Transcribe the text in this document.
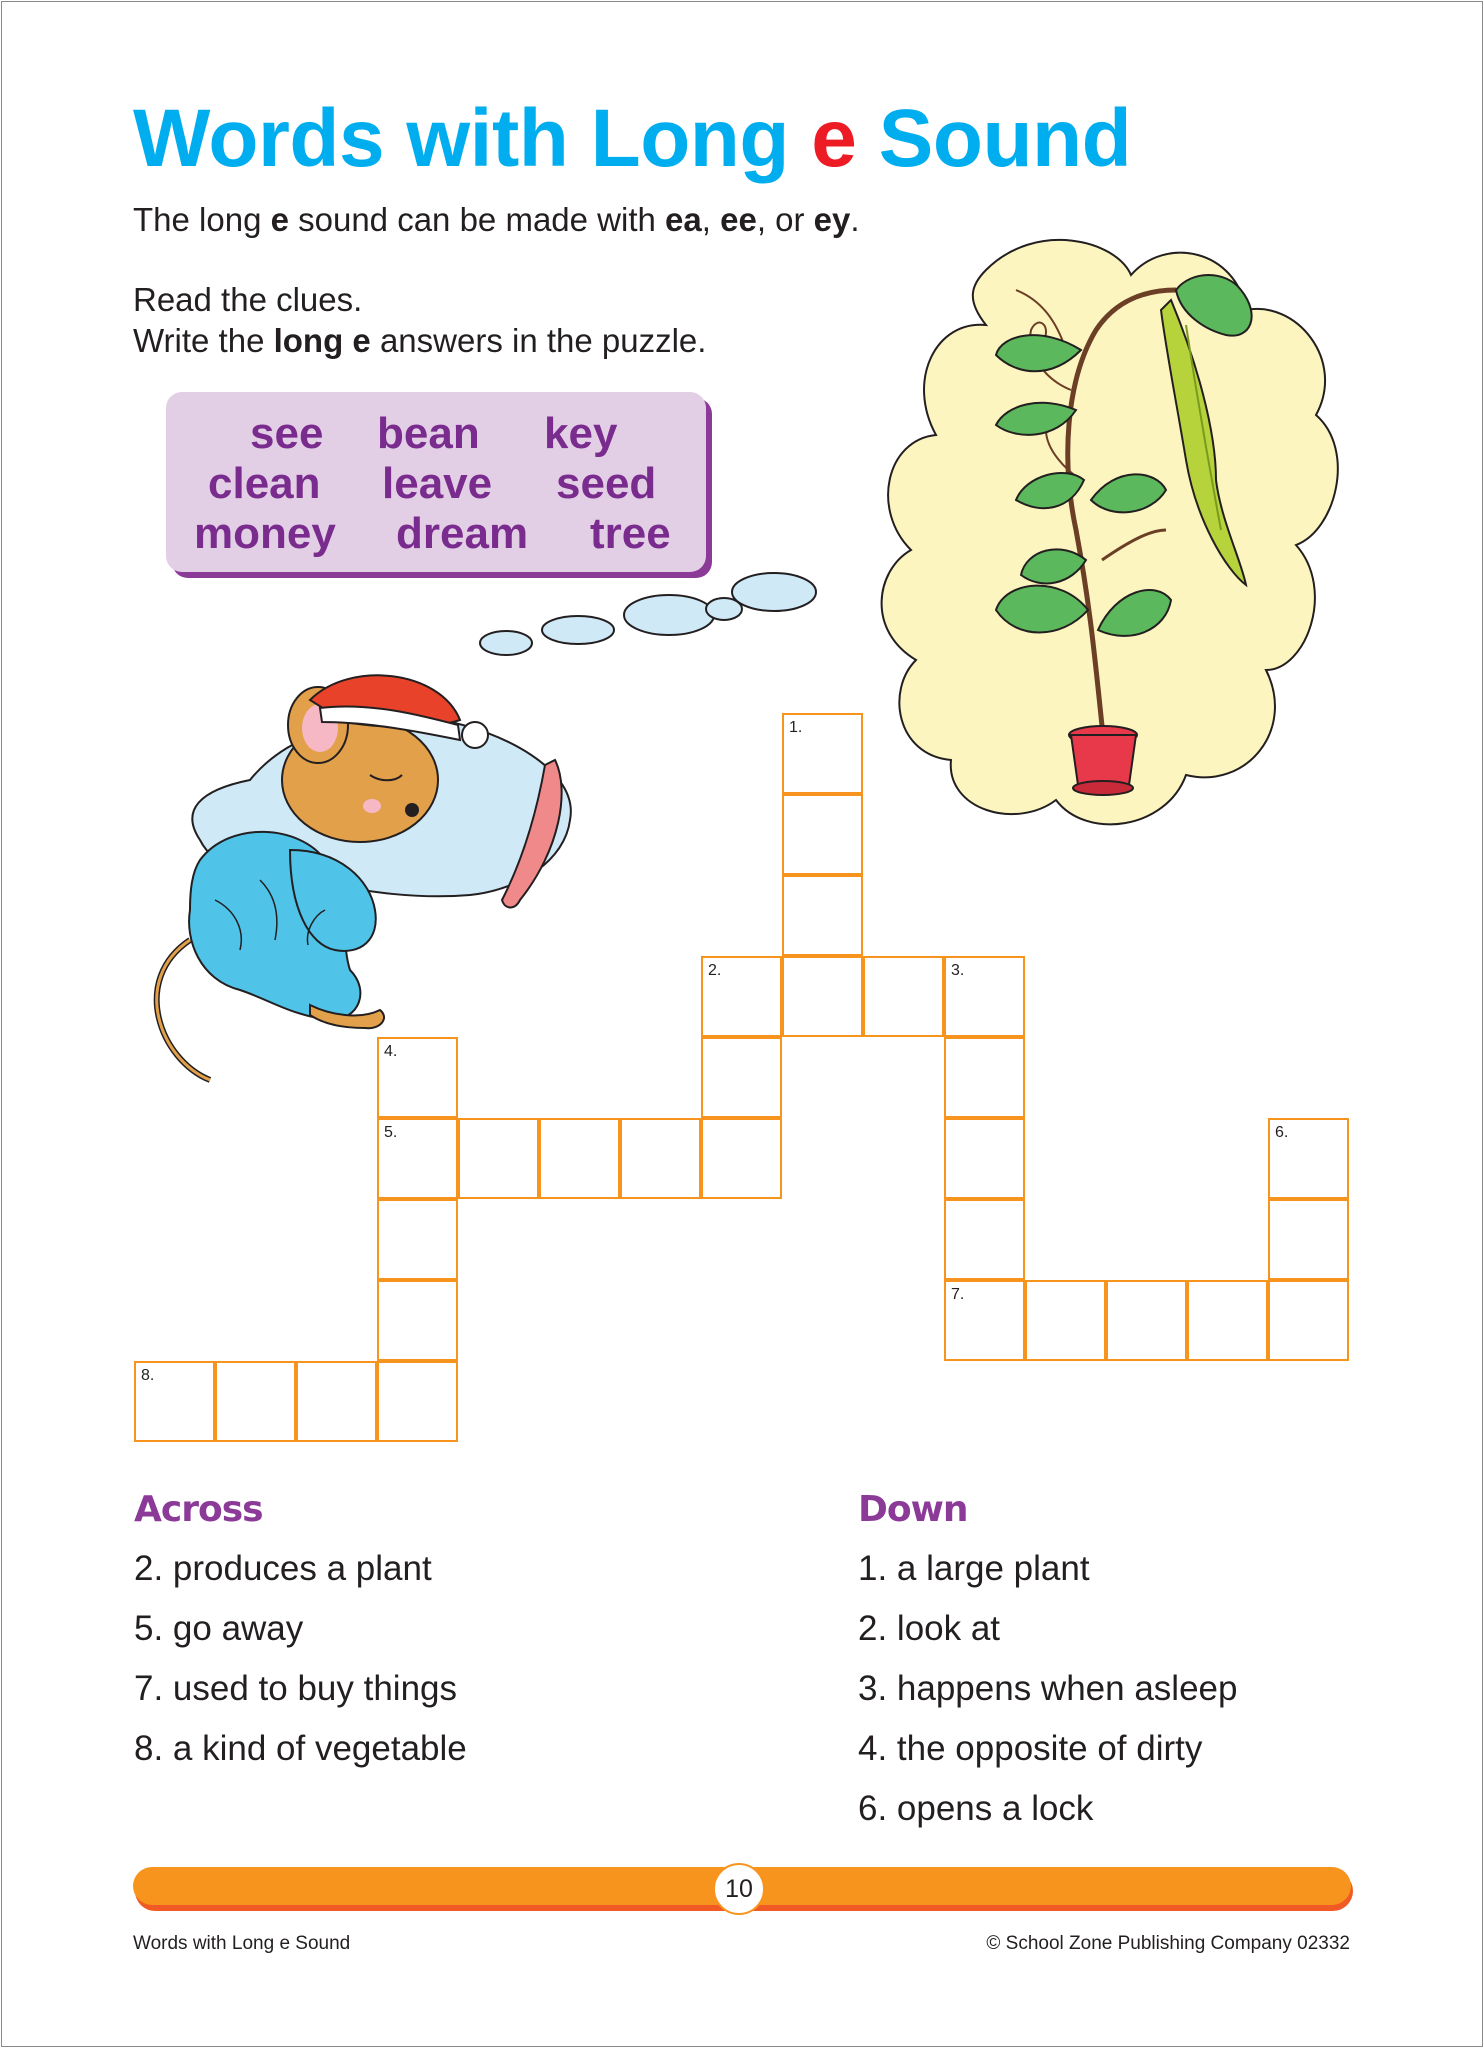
Words with Long e Sound

The long e sound can be made with ea, ee, or ey.

Read the clues.

Write the long e answers in the puzzle.

see bean key
clean leave seed
money dream tree
1.
2.	3.
4.
5.	6.
7.
8.
Across
2. produces a plant
5. go away
7. used to buy things
8. a kind of vegetable
Down
1. a large plant
2. look at
3. happens when asleep
4. the opposite of dirty
6. opens a lock
10
Words with Long e Sound	© School Zone Publishing Company 02332
